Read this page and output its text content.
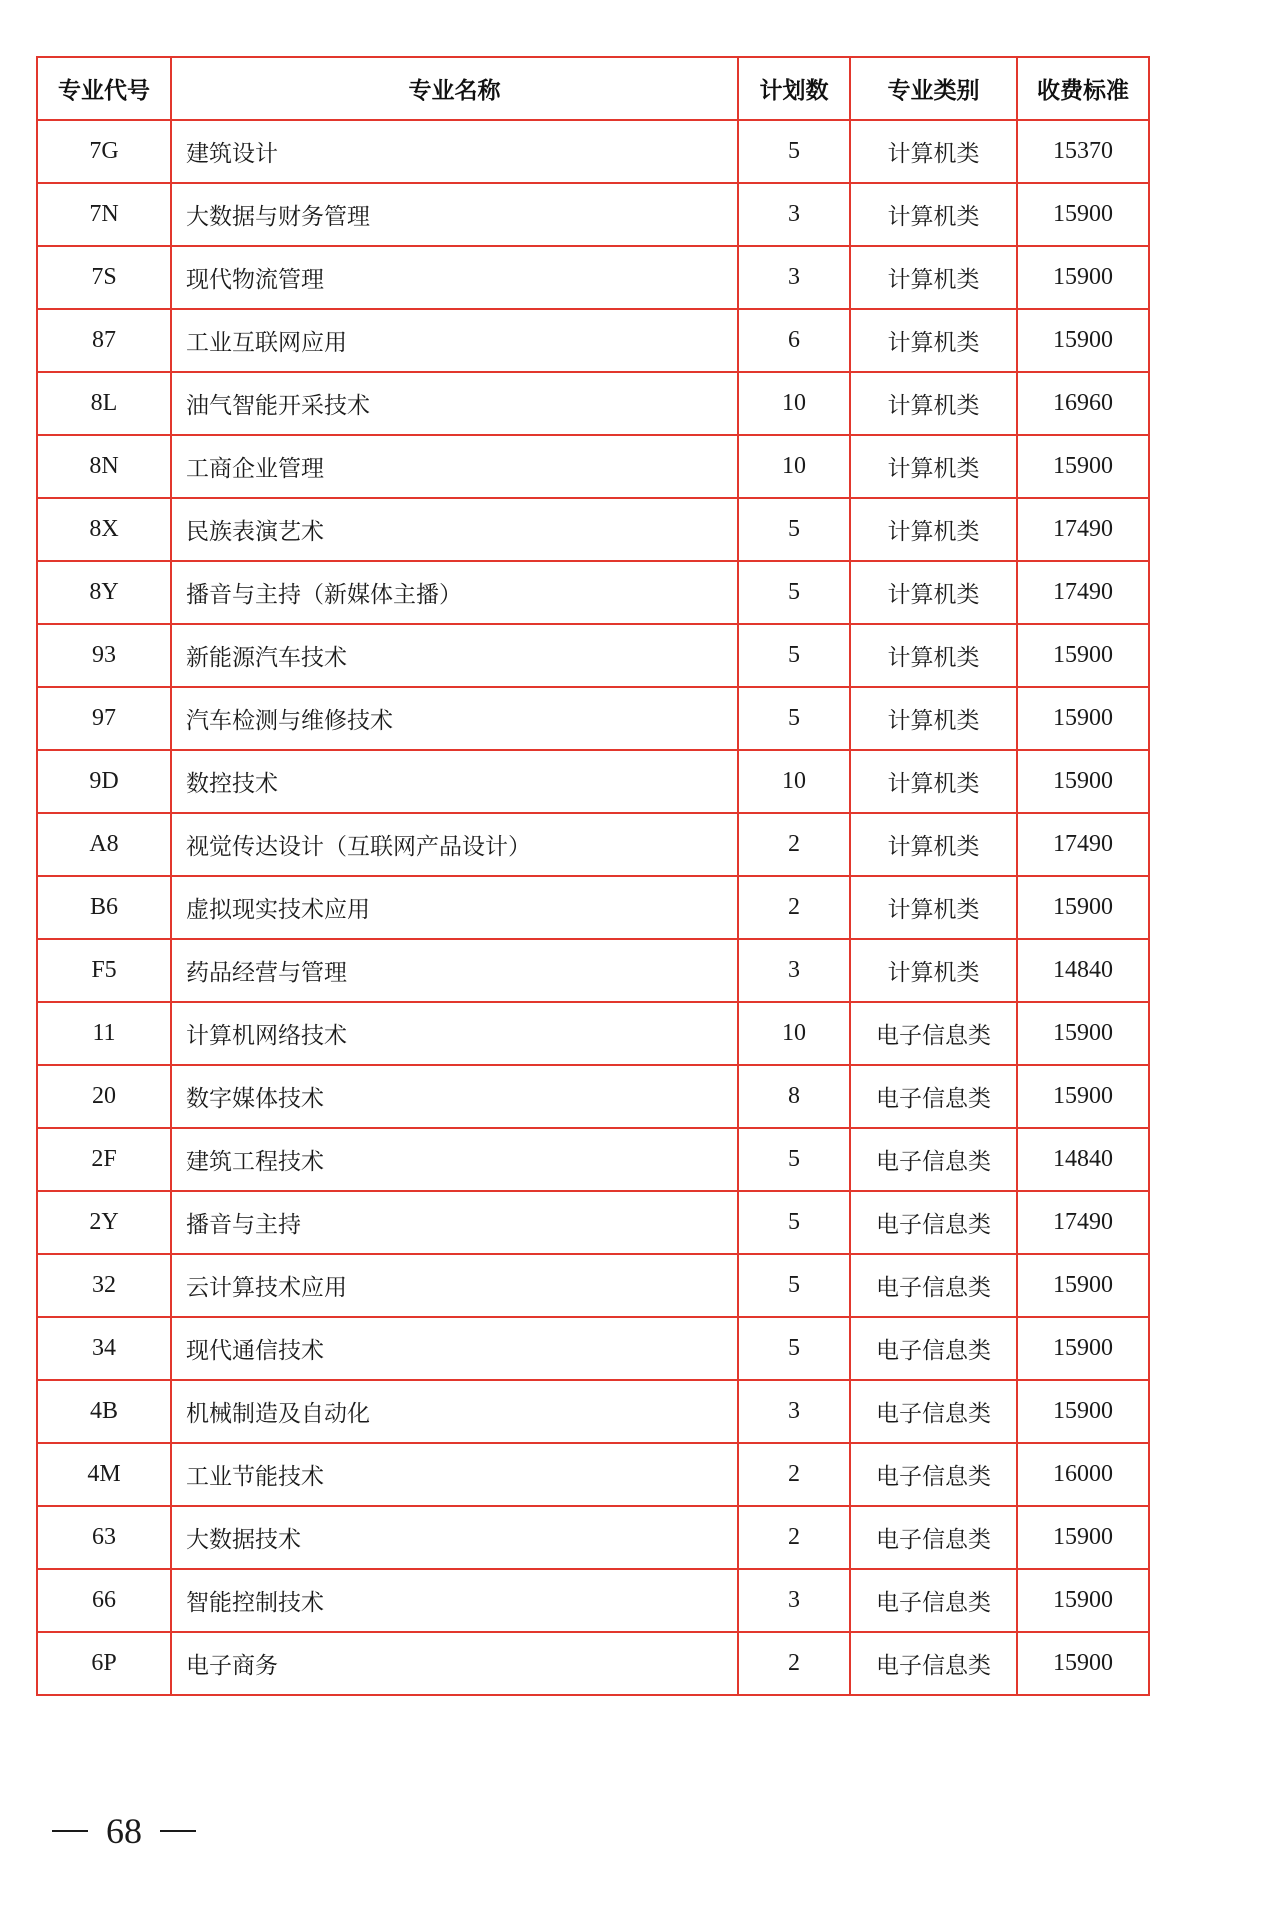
专业代号	专业名称	计划数	专业类别	收费标准
7G	建筑设计	5	计算机类	15370
7N	大数据与财务管理	3	计算机类	15900
7S	现代物流管理	3	计算机类	15900
87	工业互联网应用	6	计算机类	15900
8L	油气智能开采技术	10	计算机类	16960
8N	工商企业管理	10	计算机类	15900
8X	民族表演艺术	5	计算机类	17490
8Y	播音与主持（新媒体主播）	5	计算机类	17490
93	新能源汽车技术	5	计算机类	15900
97	汽车检测与维修技术	5	计算机类	15900
9D	数控技术	10	计算机类	15900
A8	视觉传达设计（互联网产品设计）	2	计算机类	17490
B6	虚拟现实技术应用	2	计算机类	15900
F5	药品经营与管理	3	计算机类	14840
11	计算机网络技术	10	电子信息类	15900
20	数字媒体技术	8	电子信息类	15900
2F	建筑工程技术	5	电子信息类	14840
2Y	播音与主持	5	电子信息类	17490
32	云计算技术应用	5	电子信息类	15900
34	现代通信技术	5	电子信息类	15900
4B	机械制造及自动化	3	电子信息类	15900
4M	工业节能技术	2	电子信息类	16000
63	大数据技术	2	电子信息类	15900
66	智能控制技术	3	电子信息类	15900
6P	电子商务	2	电子信息类	15900
68
